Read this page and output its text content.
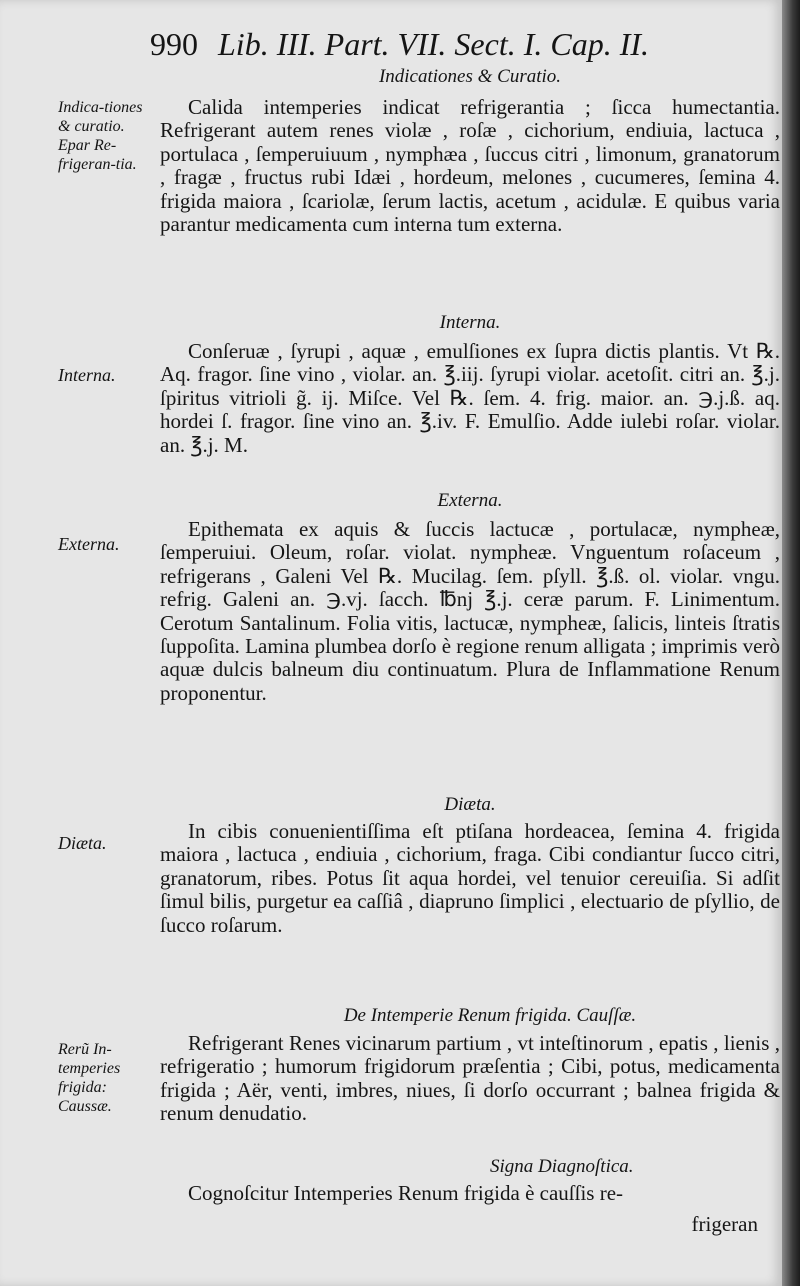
990 Lib. III. Part. VII. Sect. I. Cap. II.
Indicationes & Curatio.
Indica-tiones & curatio. Epar Re-frigeran-tia.
Calida intemperies indicat refrigerantia ; ſicca humectantia. Refrigerant autem renes violæ , roſæ , cichorium, endiuia, lactuca , portulaca , ſemperuiuum , nymphæa , ſuccus citri , limonum, granatorum , fragæ , fructus rubi Idæi , hordeum, melones , cucumeres, ſemina 4. frigida maiora , ſcariolæ, ſerum lactis, acetum , acidulæ. E quibus varia parantur medicamenta cum interna tum externa.
Interna.
Interna.
Conſeruæ , ſyrupi , aquæ , emulſiones ex ſupra dictis plantis. Vt ℞. Aq. fragor. ſine vino , violar. an. ℥.iij. ſyrupi violar. acetoſit. citri an. ℥.j. ſpiritus vitrioli g̃. ij. Miſce. Vel ℞. ſem. 4. frig. maior. an. ℈.j.ß. aq. hordei ſ. fragor. ſine vino an. ℥.iv. F. Emulſio. Adde iulebi roſar. violar. an. ℥.j. M.
Externa.
Externa.
Epithemata ex aquis & ſuccis lactucæ , portulacæ, nympheæ, ſemperuiui. Oleum, roſar. violat. nympheæ. Vnguentum roſaceum , refrigerans , Galeni Vel ℞. Mucilag. ſem. pſyll. ℥.ß. ol. violar. vngu. refrig. Galeni an. ℈.vj. ſacch. ℔nj ℥.j. ceræ parum. F. Linimentum. Cerotum Santalinum. Folia vitis, lactucæ, nympheæ, ſalicis, linteis ſtratis ſuppoſita. Lamina plumbea dorſo è regione renum alligata ; imprimis verò aquæ dulcis balneum diu continuatum. Plura de Inflammatione Renum proponentur.
Diæta.
Diæta.	In cibis conuenientiſſima eſt ptiſana hordeacea, ſemina 4. frigida maiora , lactuca , endiuia , cichorium, fraga. Cibi condiantur ſucco citri, granatorum, ribes. Potus ſit aqua hordei, vel tenuior cereuiſia. Si adſit ſimul bilis, purgetur ea caſſiâ , diapruno ſimplici , electuario de pſyllio, de ſucco roſarum.
De Intemperie Renum frigida. Cauſſæ.
Rerũ In-temperies frigida: Caussæ.
Refrigerant Renes vicinarum partium , vt inteſtinorum , epatis , lienis , refrigeratio ; humorum frigidorum præſentia ; Cibi, potus, medicamenta frigida ; Aër, venti, imbres, niues, ſi dorſo occurrant ; balnea frigida & renum denudatio.
Signa Diagnoſtica.
Cognoſcitur Intemperies Renum frigida è cauſſis re-
frigeran
